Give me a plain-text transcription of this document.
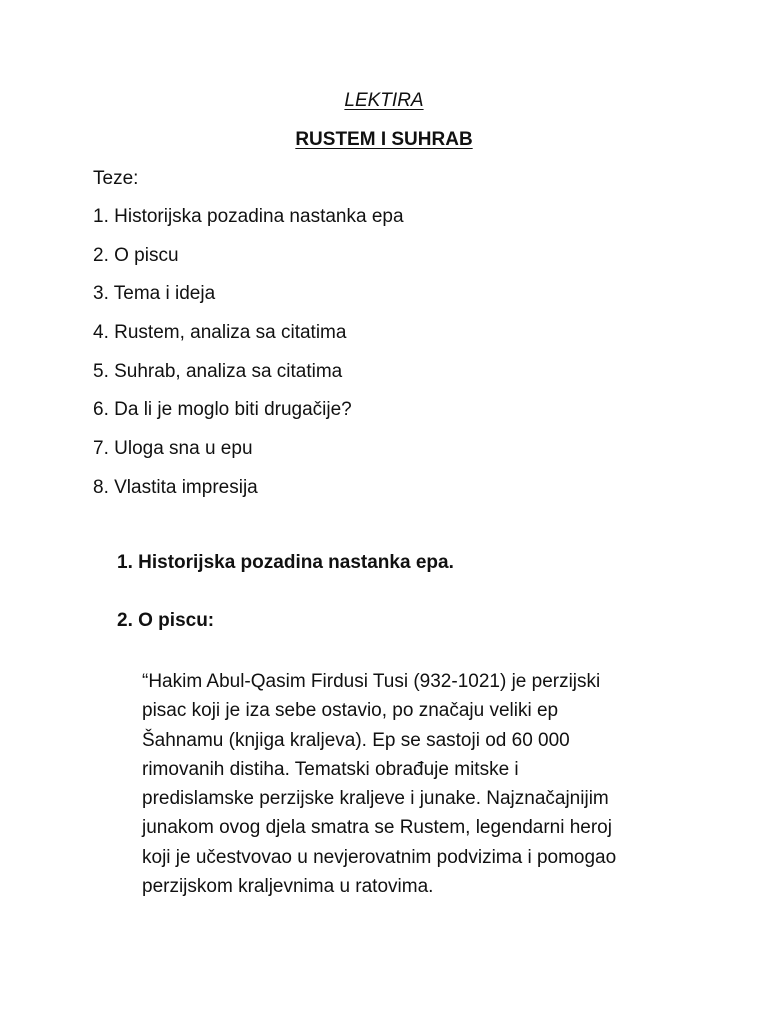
LEKTIRA
RUSTEM I SUHRAB
Teze:
1. Historijska pozadina nastanka epa
2. O piscu
3. Tema i ideja
4. Rustem, analiza sa citatima
5. Suhrab, analiza sa citatima
6. Da li je moglo biti drugačije?
7. Uloga sna u epu
8. Vlastita impresija
1. Historijska pozadina nastanka epa.
2. O piscu:

“Hakim Abul-Qasim Firdusi Tusi (932-1021) je perzijski
pisac koji je iza sebe ostavio, po značaju veliki ep
Šahnamu (knjiga kraljeva). Ep se sastoji od 60 000
rimovanih distiha. Tematski obrađuje mitske i
predislamske perzijske kraljeve i junake. Najznačajnijim
junakom ovog djela smatra se Rustem, legendarni heroj
koji je učestvovao u nevjerovatnim podvizima i pomogao
perzijskom kraljevnima u ratovima.
